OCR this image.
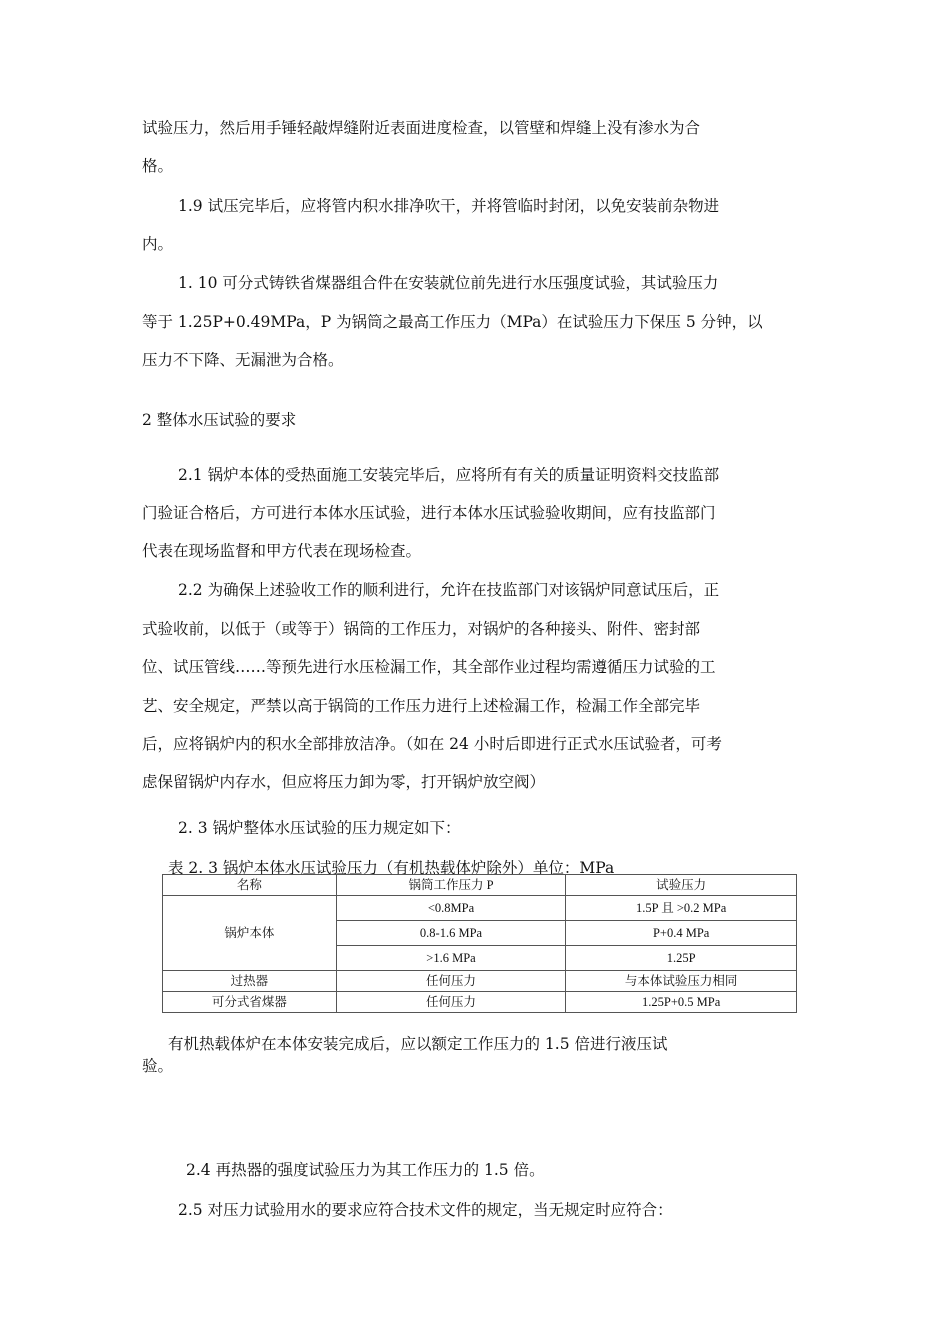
试验压力，然后用手锤轻敲焊缝附近表面进度检查，以管壁和焊缝上没有渗水为合
格。
1.9 试压完毕后，应将管内积水排净吹干，并将管临时封闭，以免安装前杂物进
内。
1. 10 可分式铸铁省煤器组合件在安装就位前先进行水压强度试验，其试验压力
等于 1.25P+0.49MPa，P 为锅筒之最高工作压力（MPa）在试验压力下保压 5 分钟，以
压力不下降、无漏泄为合格。
2 整体水压试验的要求
2.1 锅炉本体的受热面施工安装完毕后，应将所有有关的质量证明资料交技监部
门验证合格后，方可进行本体水压试验，进行本体水压试验验收期间，应有技监部门
代表在现场监督和甲方代表在现场检查。
2.2 为确保上述验收工作的顺利进行，允许在技监部门对该锅炉同意试压后，正
式验收前，以低于（或等于）锅筒的工作压力，对锅炉的各种接头、附件、密封部
位、试压管线……等预先进行水压检漏工作，其全部作业过程均需遵循压力试验的工
艺、安全规定，严禁以高于锅筒的工作压力进行上述检漏工作，检漏工作全部完毕
后，应将锅炉内的积水全部排放洁净。（如在 24 小时后即进行正式水压试验者，可考
虑保留锅炉内存水，但应将压力卸为零，打开锅炉放空阀）
2. 3 锅炉整体水压试验的压力规定如下：
表 2. 3 锅炉本体水压试验压力（有机热载体炉除外）单位：MPa
名称	锅筒工作压力 P	试验压力
锅炉本体	<0.8MPa	1.5P 且 >0.2 MPa
	0.8-1.6 MPa	P+0.4 MPa
	>1.6 MPa	1.25P
过热器	任何压力	与本体试验压力相同
可分式省煤器	任何压力	1.25P+0.5 MPa
有机热载体炉在本体安装完成后，应以额定工作压力的 1.5 倍进行液压试
验。
2.4 再热器的强度试验压力为其工作压力的 1.5 倍。
2.5 对压力试验用水的要求应符合技术文件的规定，当无规定时应符合：
